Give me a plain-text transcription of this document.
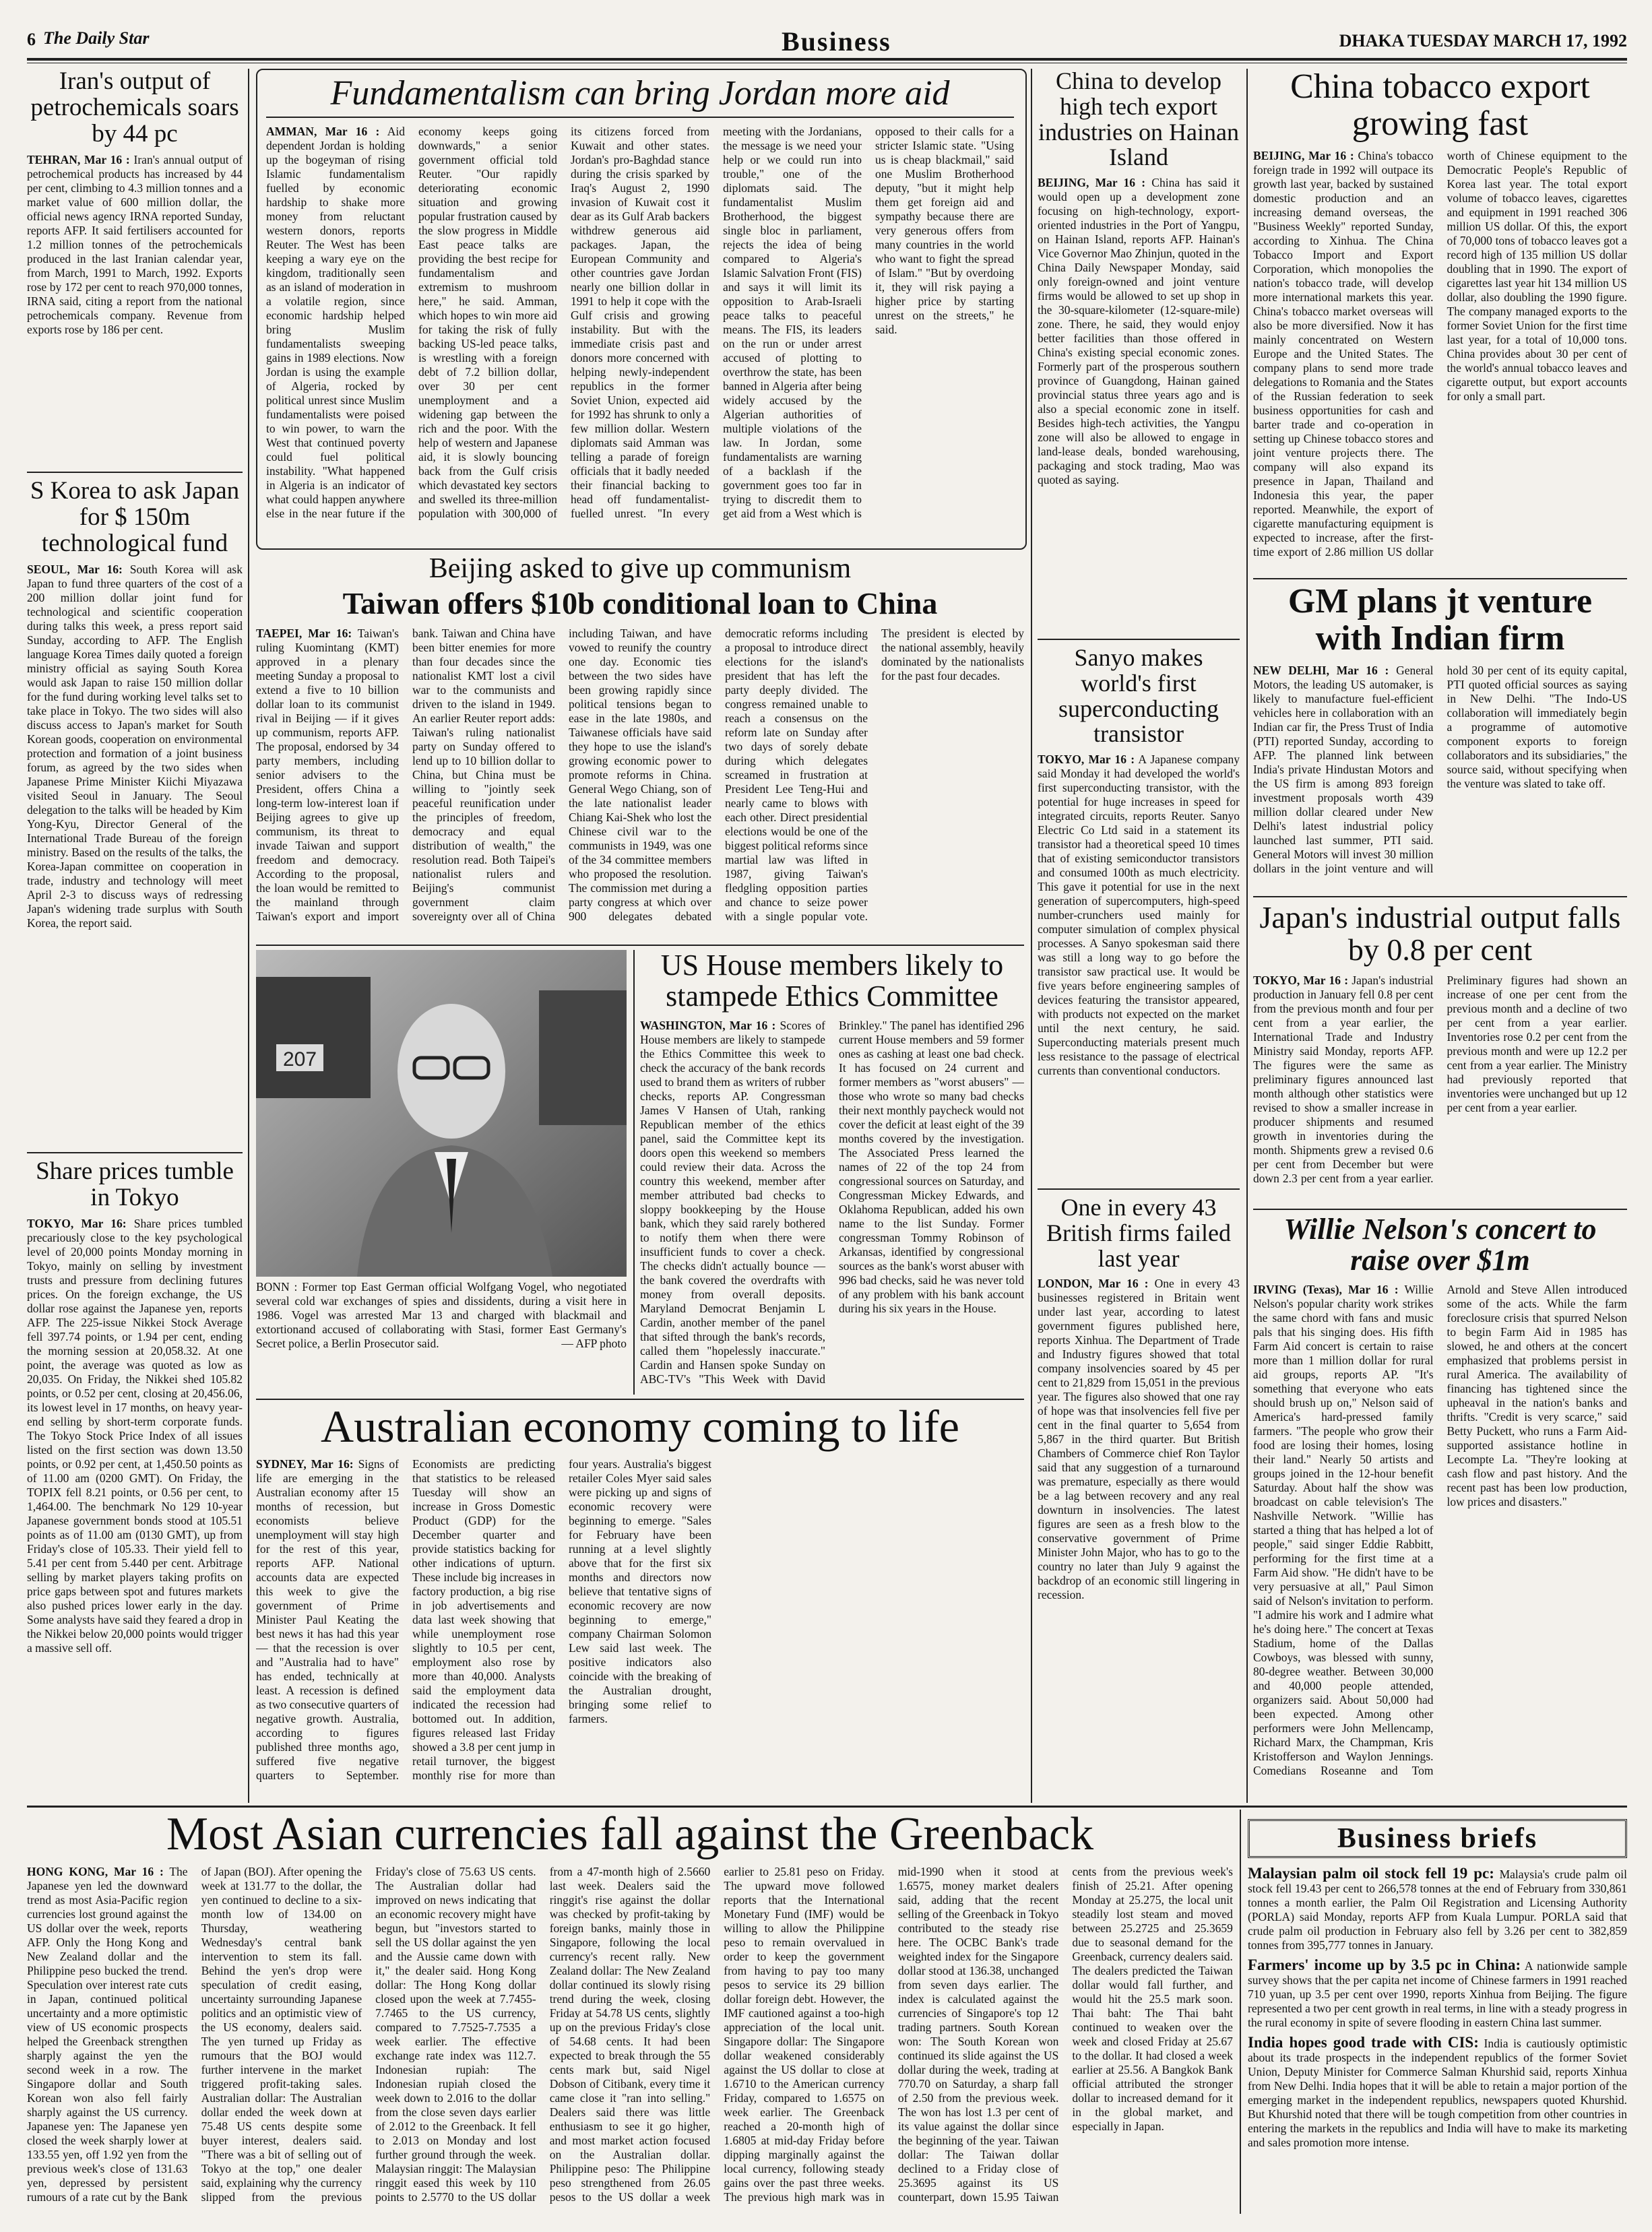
6 The Daily Star	Business	DHAKA TUESDAY MARCH 17, 1992
Iran's output of petrochemicals soars by 44 pc

TEHRAN, Mar 16 : Iran's annual output of petrochemical products has increased by 44 per cent, climbing to 4.3 million tonnes and a market value of 600 million dollar, the official news agency IRNA reported Sunday, reports AFP. It said fertilisers accounted for 1.2 million tonnes of the petrochemicals produced in the last Iranian calendar year, from March, 1991 to March, 1992. Exports rose by 172 per cent to reach 970,000 tonnes, IRNA said, citing a report from the national petrochemicals company. Revenue from exports rose by 186 per cent.

S Korea to ask Japan for $ 150m technological fund

SEOUL, Mar 16: South Korea will ask Japan to fund three quarters of the cost of a 200 million dollar joint fund for technological and scientific cooperation during talks this week, a press report said Sunday, according to AFP. The English language Korea Times daily quoted a foreign ministry official as saying South Korea would ask Japan to raise 150 million dollar for the fund during working level talks set to take place in Tokyo. The two sides will also discuss access to Japan's market for South Korean goods, cooperation on environmental protection and formation of a joint business forum, as agreed by the two sides when Japanese Prime Minister Kiichi Miyazawa visited Seoul in January. The Seoul delegation to the talks will be headed by Kim Yong-Kyu, Director General of the International Trade Bureau of the foreign ministry. Based on the results of the talks, the Korea-Japan committee on cooperation in trade, industry and technology will meet April 2-3 to discuss ways of redressing Japan's widening trade surplus with South Korea, the report said.

Share prices tumble in Tokyo

TOKYO, Mar 16: Share prices tumbled precariously close to the key psychological level of 20,000 points Monday morning in Tokyo, mainly on selling by investment trusts and pressure from declining futures prices. On the foreign exchange, the US dollar rose against the Japanese yen, reports AFP. The 225-issue Nikkei Stock Average fell 397.74 points, or 1.94 per cent, ending the morning session at 20,058.32. At one point, the average was quoted as low as 20,035. On Friday, the Nikkei shed 105.82 points, or 0.52 per cent, closing at 20,456.06, its lowest level in 17 months, on heavy year-end selling by short-term corporate funds. The Tokyo Stock Price Index of all issues listed on the first section was down 13.50 points, or 0.92 per cent, at 1,450.50 points as of 11.00 am (0200 GMT). On Friday, the TOPIX fell 8.21 points, or 0.56 per cent, to 1,464.00. The benchmark No 129 10-year Japanese government bonds stood at 105.51 points as of 11.00 am (0130 GMT), up from Friday's close of 105.33. Their yield fell to 5.41 per cent from 5.440 per cent. Arbitrage selling by market players taking profits on price gaps between spot and futures markets also pushed prices lower early in the day. Some analysts have said they feared a drop in the Nikkei below 20,000 points would trigger a massive sell off.

Fundamentalism can bring Jordan more aid

AMMAN, Mar 16 : Aid dependent Jordan is holding up the bogeyman of rising Islamic fundamentalism fuelled by economic hardship to shake more money from reluctant western donors, reports Reuter. The West has been keeping a wary eye on the kingdom, traditionally seen as an island of moderation in a volatile region, since economic hardship helped bring Muslim fundamentalists sweeping gains in 1989 elections. Now Jordan is using the example of Algeria, rocked by political unrest since Muslim fundamentalists were poised to win power, to warn the West that continued poverty could fuel political instability. "What happened in Algeria is an indicator of what could happen anywhere else in the near future if the economy keeps going downwards," a senior government official told Reuter. "Our rapidly deteriorating economic situation and growing popular frustration caused by the slow progress in Middle East peace talks are providing the best recipe for fundamentalism and extremism to mushroom here," he said. Amman, which hopes to win more aid for taking the risk of fully backing US-led peace talks, is wrestling with a foreign debt of 7.2 billion dollar, over 30 per cent unemployment and a widening gap between the rich and the poor. With the help of western and Japanese aid, it is slowly bouncing back from the Gulf crisis which devastated key sectors and swelled its three-million population with 300,000 of its citizens forced from Kuwait and other states. Jordan's pro-Baghdad stance during the crisis sparked by Iraq's August 2, 1990 invasion of Kuwait cost it dear as its Gulf Arab backers withdrew generous aid packages. Japan, the European Community and other countries gave Jordan nearly one billion dollar in 1991 to help it cope with the Gulf crisis and growing instability. But with the immediate crisis past and donors more concerned with helping newly-independent republics in the former Soviet Union, expected aid for 1992 has shrunk to only a few million dollar. Western diplomats said Amman was telling a parade of foreign officials that it badly needed their financial backing to head off fundamentalist-fuelled unrest. "In every meeting with the Jordanians, the message is we need your help or we could run into trouble," one of the diplomats said. The fundamentalist Muslim Brotherhood, the biggest single bloc in parliament, rejects the idea of being compared to Algeria's Islamic Salvation Front (FIS) and says it will limit its opposition to Arab-Israeli peace talks to peaceful means. The FIS, its leaders on the run or under arrest accused of plotting to overthrow the state, has been banned in Algeria after being widely accused by the Algerian authorities of multiple violations of the law. In Jordan, some fundamentalists are warning of a backlash if the government goes too far in trying to discredit them to get aid from a West which is opposed to their calls for a stricter Islamic state. "Using us is cheap blackmail," said one Muslim Brotherhood deputy, "but it might help them get foreign aid and sympathy because there are very generous offers from many countries in the world who want to fight the spread of Islam." "But by overdoing it, they will risk paying a higher price by starting unrest on the streets," he said.

Beijing asked to give up communism
Taiwan offers $10b conditional loan to China

TAEPEI, Mar 16: Taiwan's ruling Kuomintang (KMT) approved in a plenary meeting Sunday a proposal to extend a five to 10 billion dollar loan to its communist rival in Beijing — if it gives up communism, reports AFP. The proposal, endorsed by 34 party members, including senior advisers to the President, offers China a long-term low-interest loan if Beijing agrees to give up communism, its threat to invade Taiwan and support freedom and democracy. According to the proposal, the loan would be remitted to the mainland through Taiwan's export and import bank. Taiwan and China have been bitter enemies for more than four decades since the nationalist KMT lost a civil war to the communists and driven to the island in 1949. An earlier Reuter report adds: Taiwan's ruling nationalist party on Sunday offered to lend up to 10 billion dollar to China, but China must be willing to "jointly seek peaceful reunification under the principles of freedom, democracy and equal distribution of wealth," the resolution read. Both Taipei's nationalist rulers and Beijing's communist government claim sovereignty over all of China including Taiwan, and have vowed to reunify the country one day. Economic ties between the two sides have been growing rapidly since political tensions began to ease in the late 1980s, and Taiwanese officials have said they hope to use the island's growing economic power to promote reforms in China. General Wego Chiang, son of the late nationalist leader Chiang Kai-Shek who lost the Chinese civil war to the communists in 1949, was one of the 34 committee members who proposed the resolution. The commission met during a party congress at which over 900 delegates debated democratic reforms including a proposal to introduce direct elections for the island's president that has left the party deeply divided. The congress remained unable to reach a consensus on the reform late on Sunday after two days of sorely debate during which delegates screamed in frustration at President Lee Teng-Hui and nearly came to blows with each other. Direct presidential elections would be one of the biggest political reforms since martial law was lifted in 1987, giving Taiwan's fledgling opposition parties and chance to seize power with a single popular vote. The president is elected by the national assembly, heavily dominated by the nationalists for the past four decades.

207

BONN : Former top East German official Wolfgang Vogel, who negotiated several cold war exchanges of spies and dissidents, during a visit here in 1986. Vogel was arrested Mar 13 and charged with blackmail and extortionand accused of collaborating with Stasi, former East Germany's Secret police, a Berlin Prosecutor said.	— AFP photo

US House members likely to stampede Ethics Committee

WASHINGTON, Mar 16 : Scores of House members are likely to stampede the Ethics Committee this week to check the accuracy of the bank records used to brand them as writers of rubber checks, reports AP. Congressman James V Hansen of Utah, ranking Republican member of the ethics panel, said the Committee kept its doors open this weekend so members could review their data. Across the country this weekend, member after member attributed bad checks to sloppy bookkeeping by the House bank, which they said rarely bothered to notify them when there were insufficient funds to cover a check. The checks didn't actually bounce — the bank covered the overdrafts with money from overall deposits. Maryland Democrat Benjamin L Cardin, another member of the panel that sifted through the bank's records, called them "hopelessly inaccurate." Cardin and Hansen spoke Sunday on ABC-TV's "This Week with David Brinkley." The panel has identified 296 current House members and 59 former ones as cashing at least one bad check. It has focused on 24 current and former members as "worst abusers" — those who wrote so many bad checks their next monthly paycheck would not cover the deficit at least eight of the 39 months covered by the investigation. The Associated Press learned the names of 22 of the top 24 from congressional sources on Saturday, and Congressman Mickey Edwards, and Oklahoma Republican, added his own name to the list Sunday. Former congressman Tommy Robinson of Arkansas, identified by congressional sources as the bank's worst abuser with 996 bad checks, said he was never told of any problem with his bank account during his six years in the House.

Australian economy coming to life

SYDNEY, Mar 16: Signs of life are emerging in the Australian economy after 15 months of recession, but economists believe unemployment will stay high for the rest of this year, reports AFP. National accounts data are expected this week to give the government of Prime Minister Paul Keating the best news it has had this year — that the recession is over and "Australia had to have" has ended, technically at least. A recession is defined as two consecutive quarters of negative growth. Australia, according to figures published three months ago, suffered five negative quarters to September. Economists are predicting that statistics to be released Tuesday will show an increase in Gross Domestic Product (GDP) for the December quarter and provide statistics backing for other indications of upturn. These include big increases in factory production, a big rise in job advertisements and data last week showing that while unemployment rose slightly to 10.5 per cent, employment also rose by more than 40,000. Analysts said the employment data indicated the recession had bottomed out. In addition, figures released last Friday showed a 3.8 per cent jump in retail turnover, the biggest monthly rise for more than four years. Australia's biggest retailer Coles Myer said sales were picking up and signs of economic recovery were beginning to emerge. "Sales for February have been running at a level slightly above that for the first six months and directors now believe that tentative signs of economic recovery are now beginning to emerge," company Chairman Solomon Lew said last week. The positive indicators also coincide with the breaking of the Australian drought, bringing some relief to farmers.

China to develop high tech export industries on Hainan Island

BEIJING, Mar 16 : China has said it would open up a development zone focusing on high-technology, export-oriented industries in the Port of Yangpu, on Hainan Island, reports AFP. Hainan's Vice Governor Mao Zhinjun, quoted in the China Daily Newspaper Monday, said only foreign-owned and joint venture firms would be allowed to set up shop in the 30-square-kilometer (12-square-mile) zone. There, he said, they would enjoy better facilities than those offered in China's existing special economic zones. Formerly part of the prosperous southern province of Guangdong, Hainan gained provincial status three years ago and is also a special economic zone in itself. Besides high-tech activities, the Yangpu zone will also be allowed to engage in land-lease deals, bonded warehousing, packaging and stock trading, Mao was quoted as saying.

Sanyo makes world's first superconducting transistor

TOKYO, Mar 16 : A Japanese company said Monday it had developed the world's first superconducting transistor, with the potential for huge increases in speed for integrated circuits, reports Reuter. Sanyo Electric Co Ltd said in a statement its transistor had a theoretical speed 10 times that of existing semiconductor transistors and consumed 100th as much electricity. This gave it potential for use in the next generation of supercomputers, high-speed number-crunchers used mainly for computer simulation of complex physical processes. A Sanyo spokesman said there was still a long way to go before the transistor saw practical use. It would be five years before engineering samples of devices featuring the transistor appeared, with products not expected on the market until the next century, he said. Superconducting materials present much less resistance to the passage of electrical currents than conventional conductors.

One in every 43 British firms failed last year

LONDON, Mar 16 : One in every 43 businesses registered in Britain went under last year, according to latest government figures published here, reports Xinhua. The Department of Trade and Industry figures showed that total company insolvencies soared by 45 per cent to 21,829 from 15,051 in the previous year. The figures also showed that one ray of hope was that insolvencies fell five per cent in the final quarter to 5,654 from 5,867 in the third quarter. But British Chambers of Commerce chief Ron Taylor said that any suggestion of a turnaround was premature, especially as there would be a lag between recovery and any real downturn in insolvencies. The latest figures are seen as a fresh blow to the conservative government of Prime Minister John Major, who has to go to the country no later than July 9 against the backdrop of an economic still lingering in recession.

China tobacco export growing fast

BEIJING, Mar 16 : China's tobacco foreign trade in 1992 will outpace its growth last year, backed by sustained domestic production and an increasing demand overseas, the "Business Weekly" reported Sunday, according to Xinhua. The China Tobacco Import and Export Corporation, which monopolies the nation's tobacco trade, will develop more international markets this year. China's tobacco market overseas will also be more diversified. Now it has mainly concentrated on Western Europe and the United States. The company plans to send more trade delegations to Romania and the States of the Russian federation to seek business opportunities for cash and barter trade and co-operation in setting up Chinese tobacco stores and joint venture projects there. The company will also expand its presence in Japan, Thailand and Indonesia this year, the paper reported. Meanwhile, the export of cigarette manufacturing equipment is expected to increase, after the first-time export of 2.86 million US dollar worth of Chinese equipment to the Democratic People's Republic of Korea last year. The total export volume of tobacco leaves, cigarettes and equipment in 1991 reached 306 million US dollar. Of this, the export of 70,000 tons of tobacco leaves got a record high of 135 million US dollar doubling that in 1990. The export of cigarettes last year hit 134 million US dollar, also doubling the 1990 figure. The company managed exports to the former Soviet Union for the first time last year, for a total of 10,000 tons. China provides about 30 per cent of the world's annual tobacco leaves and cigarette output, but export accounts for only a small part.

GM plans jt venture with Indian firm

NEW DELHI, Mar 16 : General Motors, the leading US automaker, is likely to manufacture fuel-efficient vehicles here in collaboration with an Indian car fir, the Press Trust of India (PTI) reported Sunday, according to AFP. The planned link between India's private Hindustan Motors and the US firm is among 893 foreign investment proposals worth 439 million dollar cleared under New Delhi's latest industrial policy launched last summer, PTI said. General Motors will invest 30 million dollars in the joint venture and will hold 30 per cent of its equity capital, PTI quoted official sources as saying in New Delhi. "The Indo-US collaboration will immediately begin a programme of automotive component exports to foreign collaborators and its subsidiaries," the source said, without specifying when the venture was slated to take off.

Japan's industrial output falls by 0.8 per cent

TOKYO, Mar 16 : Japan's industrial production in January fell 0.8 per cent from the previous month and four per cent from a year earlier, the International Trade and Industry Ministry said Monday, reports AFP. The figures were the same as preliminary figures announced last month although other statistics were revised to show a smaller increase in producer shipments and resumed growth in inventories during the month. Shipments grew a revised 0.6 per cent from December but were down 2.3 per cent from a year earlier. Preliminary figures had shown an increase of one per cent from the previous month and a decline of two per cent from a year earlier. Inventories rose 0.2 per cent from the previous month and were up 12.2 per cent from a year earlier. The Ministry had previously reported that inventories were unchanged but up 12 per cent from a year earlier.

Willie Nelson's concert to raise over $1m

IRVING (Texas), Mar 16 : Willie Nelson's popular charity work strikes the same chord with fans and music pals that his singing does. His fifth Farm Aid concert is certain to raise more than 1 million dollar for rural aid groups, reports AP. "It's something that everyone who eats should brush up on," Nelson said of America's hard-pressed family farmers. "The people who grow their food are losing their homes, losing their land." Nearly 50 artists and groups joined in the 12-hour benefit Saturday. About half the show was broadcast on cable television's The Nashville Network. "Willie has started a thing that has helped a lot of people," said singer Eddie Rabbitt, performing for the first time at a Farm Aid show. "He didn't have to be very persuasive at all," Paul Simon said of Nelson's invitation to perform. "I admire his work and I admire what he's doing here." The concert at Texas Stadium, home of the Dallas Cowboys, was blessed with sunny, 80-degree weather. Between 30,000 and 40,000 people attended, organizers said. About 50,000 had been expected. Among other performers were John Mellencamp, Richard Marx, the Champman, Kris Kristofferson and Waylon Jennings. Comedians Roseanne and Tom Arnold and Steve Allen introduced some of the acts. While the farm foreclosure crisis that spurred Nelson to begin Farm Aid in 1985 has slowed, he and others at the concert emphasized that problems persist in rural America. The availability of financing has tightened since the upheaval in the nation's banks and thrifts. "Credit is very scarce," said Betty Puckett, who runs a Farm Aid-supported assistance hotline in Lecompte La. "They're looking at cash flow and past history. And the recent past has been low production, low prices and disasters."

Most Asian currencies fall against the Greenback

HONG KONG, Mar 16 : The Japanese yen led the downward trend as most Asia-Pacific region currencies lost ground against the US dollar over the week, reports AFP. Only the Hong Kong and New Zealand dollar and the Philippine peso bucked the trend. Speculation over interest rate cuts in Japan, continued political uncertainty and a more optimistic view of US economic prospects helped the Greenback strengthen sharply against the yen the second week in a row. The Singapore dollar and South Korean won also fell fairly sharply against the US currency. Japanese yen: The Japanese yen closed the week sharply lower at 133.55 yen, off 1.92 yen from the previous week's close of 131.63 yen, depressed by persistent rumours of a rate cut by the Bank of Japan (BOJ). After opening the week at 131.77 to the dollar, the yen continued to decline to a six-month low of 134.00 on Thursday, weathering Wednesday's central bank intervention to stem its fall. Behind the yen's drop were speculation of credit easing, uncertainty surrounding Japanese politics and an optimistic view of the US economy, dealers said. The yen turned up Friday as rumours that the BOJ would further intervene in the market triggered profit-taking sales. Australian dollar: The Australian dollar ended the week down at 75.48 US cents despite some buyer interest, dealers said. "There was a bit of selling out of Tokyo at the top," one dealer said, explaining why the currency slipped from the previous Friday's close of 75.63 US cents. The Australian dollar had improved on news indicating that an economic recovery might have begun, but "investors started to sell the US dollar against the yen and the Aussie came down with it," the dealer said. Hong Kong dollar: The Hong Kong dollar closed upon the week at 7.7455-7.7465 to the US currency, compared to 7.7525-7.7535 a week earlier. The effective exchange rate index was 112.7. Indonesian rupiah: The Indonesian rupiah closed the week down to 2.016 to the dollar from the close seven days earlier of 2.012 to the Greenback. It fell to 2.013 on Monday and lost further ground through the week. Malaysian ringgit: The Malaysian ringgit eased this week by 110 points to 2.5770 to the US dollar from a 47-month high of 2.5660 last week. Dealers said the ringgit's rise against the dollar was checked by profit-taking by foreign banks, mainly those in Singapore, following the local currency's recent rally. New Zealand dollar: The New Zealand dollar continued its slowly rising trend during the week, closing Friday at 54.78 US cents, slightly up on the previous Friday's close of 54.68 cents. It had been expected to break through the 55 cents mark but, said Nigel Dobson of Citibank, every time it came close it "ran into selling." Dealers said there was little enthusiasm to see it go higher, and most market action focused on the Australian dollar. Philippine peso: The Philippine peso strengthened from 26.05 pesos to the US dollar a week earlier to 25.81 peso on Friday. The upward move followed reports that the International Monetary Fund (IMF) would be willing to allow the Philippine peso to remain overvalued in order to keep the government from having to pay too many pesos to service its 29 billion dollar foreign debt. However, the IMF cautioned against a too-high appreciation of the local unit. Singapore dollar: The Singapore dollar weakened considerably against the US dollar to close at 1.6710 to the American currency Friday, compared to 1.6575 on week earlier. The Greenback reached a 20-month high of 1.6805 at mid-day Friday before dipping marginally against the local currency, following steady gains over the past three weeks. The previous high mark was in mid-1990 when it stood at 1.6575, money market dealers said, adding that the recent selling of the Greenback in Tokyo contributed to the steady rise here. The OCBC Bank's trade weighted index for the Singapore dollar stood at 136.38, unchanged from seven days earlier. The index is calculated against the currencies of Singapore's top 12 trading partners. South Korean won: The South Korean won continued its slide against the US dollar during the week, trading at 770.70 on Saturday, a sharp fall of 2.50 from the previous week. The won has lost 1.3 per cent of its value against the dollar since the beginning of the year. Taiwan dollar: The Taiwan dollar declined to a Friday close of 25.3695 against its US counterpart, down 15.95 Taiwan cents from the previous week's finish of 25.21. After opening Monday at 25.275, the local unit steadily lost steam and moved between 25.2725 and 25.3659 due to seasonal demand for the Greenback, currency dealers said. The dealers predicted the Taiwan dollar would fall further, and would hit the 25.5 mark soon. Thai baht: The Thai baht continued to weaken over the week and closed Friday at 25.67 to the dollar. It had closed a week earlier at 25.56. A Bangkok Bank official attributed the stronger dollar to increased demand for it in the global market, and especially in Japan.

Business briefs

Malaysian palm oil stock fell 19 pc: Malaysia's crude palm oil stock fell 19.43 per cent to 266,578 tonnes at the end of February from 330,861 tonnes a month earlier, the Palm Oil Registration and Licensing Authority (PORLA) said Monday, reports AFP from Kuala Lumpur. PORLA said that crude palm oil production in February also fell by 3.26 per cent to 382,859 tonnes from 395,777 tonnes in January.

Farmers' income up by 3.5 pc in China: A nationwide sample survey shows that the per capita net income of Chinese farmers in 1991 reached 710 yuan, up 3.5 per cent over 1990, reports Xinhua from Beijing. The figure represented a two per cent growth in real terms, in line with a steady progress in the rural economy in spite of severe flooding in eastern China last summer.

India hopes good trade with CIS: India is cautiously optimistic about its trade prospects in the independent republics of the former Soviet Union, Deputy Minister for Commerce Salman Khurshid said, reports Xinhua from New Delhi. India hopes that it will be able to retain a major portion of the emerging market in the independent republics, newspapers quoted Khurshid. But Khurshid noted that there will be tough competition from other countries in entering the markets in the republics and India will have to make its marketing and sales promotion more intense.
